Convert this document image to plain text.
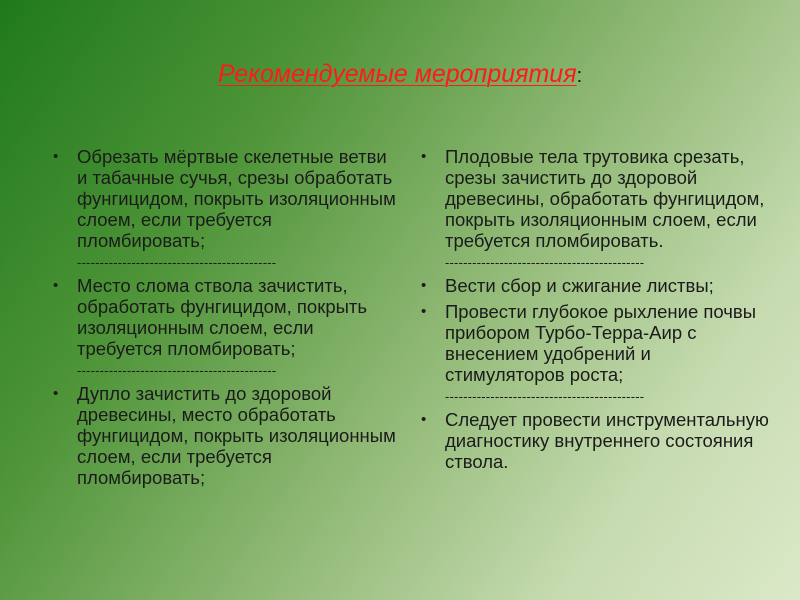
Рекомендуемые мероприятия:
• Обрезать мёртвые скелетные ветви и табачные сучья, срезы обработать фунгицидом, покрыть изоляционным слоем, если требуется пломбировать;
--------------------------------------------
• Место слома ствола зачистить, обработать фунгицидом, покрыть изоляционным слоем, если требуется пломбировать;
--------------------------------------------
• Дупло зачистить до здоровой древесины, место обработать фунгицидом, покрыть изоляционным слоем, если требуется пломбировать;
• Плодовые тела трутовика срезать, срезы зачистить до здоровой древесины, обработать фунгицидом, покрыть изоляционным слоем, если требуется пломбировать.
--------------------------------------------
• Вести сбор и сжигание листвы;
• Провести глубокое рыхление почвы прибором Турбо-Терра-Аир с внесением удобрений и стимуляторов роста;
--------------------------------------------
• Следует провести инструментальную диагностику внутреннего состояния ствола.
